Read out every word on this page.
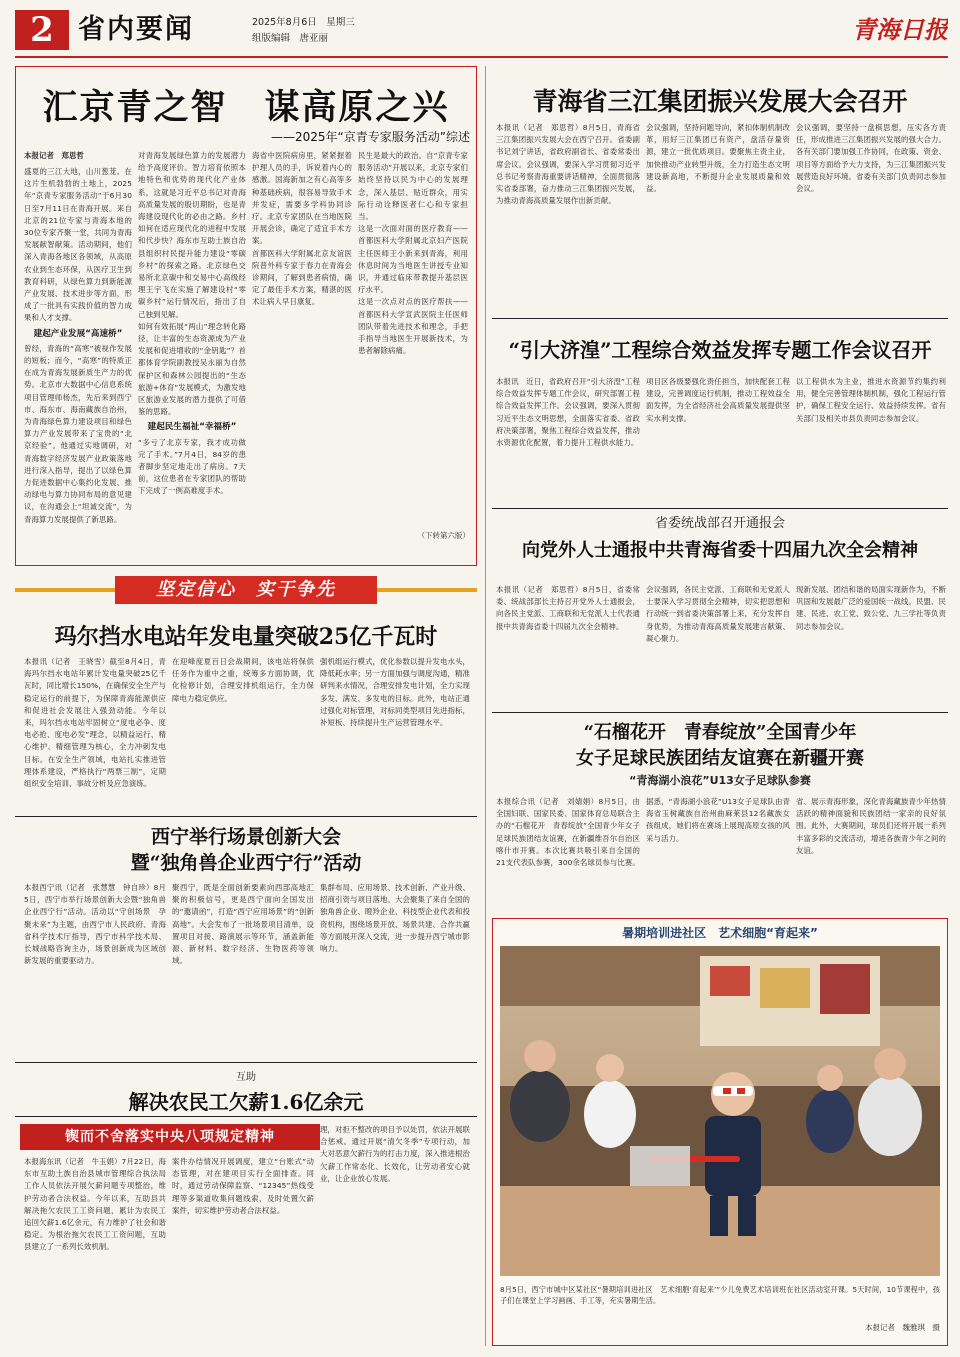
2 省内要闻	2025年8月6日　星期三
组版编辑　唐亚丽	青海日报
汇京青之智　谋高原之兴
——2025年“京青专家服务活动”综述
本报记者　郑思哲
盛夏的三江大地，山川葱茏。在这片生机勃勃的土地上，2025年“京青专家服务活动”于6月30日至7月11日在青海开展。来自北京的21位专家与青海本地的30位专家齐聚一堂，共同为青海发展献智献策。活动期间，他们深入青海各地区各领域，从高原农业到生态环保，从医疗卫生到教育科研，从绿色算力到新能源产业发展、技术进步等方面，形成了一批具有实践价值的智力成果和人才支撑。
建起产业发展“高速桥”
曾经，青海的“高寒”被视作发展的短板；而今，“高寒”的特质正在成为青海发展新质生产力的优势。北京市大数据中心信息系统项目管理师杨杰，先后来到西宁市、海东市、海南藏族自治州，为青海绿色算力建设项目和绿色算力产业发展带来了宝贵的“北京经验”。他通过实地调研，对青海数字经济发展产业政策落地进行深入指导，提出了以绿色算力促进数据中心集约化发展、推动绿电与算力协同布局的意见建议，在沟通会上“坦诚交流”，为青海算力发展提供了新思路。
对青海发展绿色算力的发展潜力给予高度评价。智力培育依照本地特色和优势的现代化产业体系，这就是习近平总书记对青海高质量发展的殷切期盼，也是青海建设现代化的必由之路。乡村如何在适应现代化的进程中发展和代步快？海东市互助土族自治县组织村民提升能力建设“零碳乡村”的探索之路。北京绿色交易所北京碳中和交易中心高级经理王宇飞在实施了解建设村“零碳乡村”运行情况后，指出了自己独到见解。
如何有效拓展“两山”理念转化路径，让丰富的生态资源成为产业发展和促进增收的“金钥匙”？首都体育学院副教授吴永丽为自然保护区和森林公园提出的“生态旅游+体育”发展模式，为激发地区旅游业发展的潜力提供了可借鉴的思路。
建起民生福祉“幸福桥”
“多亏了北京专家，我才成功做完了手术。”7月4日，84岁的患者脚步坚定地走出了病房。7天前，这位患者在专家团队的帮助下完成了一例高难度手术。
海省中医院病房里，紧紧握着护理人员的手，诉说着内心的感激。国海新加之有心高等多种基础疾病，很容易导致手术并发症，需要多学科协同诊疗。北京专家团队在当地医院开展会诊，确定了适宜手术方案。
首都医科大学附属北京友谊医院普外科专家于春力在青海会诊期间，了解到患者病情，确定了最佳手术方案，精湛的医术让病人早日康复。
民生是最大的政治。自“京青专家服务活动”开展以来，北京专家们始终坚持以民为中心的发展理念，深入基层、贴近群众，用实际行动诠释医者仁心和专家担当。
这是一次面对面的医疗教育——首都医科大学附属北京妇产医院主任医师王小新来到青海，利用休息时间为当地医生讲授专业知识，并通过临床带教提升基层医疗水平。
这是一次点对点的医疗帮扶——首都医科大学宣武医院主任医师团队带着先进技术和理念，手把手指导当地医生开展新技术，为患者解除病痛。
（下转第六版）
坚定信心　实干争先
玛尔挡水电站年发电量突破25亿千瓦时
本报讯（记者　王晓雪）截至8月4日，青海玛尔挡水电站年累计发电量突破25亿千瓦时，同比增长150%，在确保安全生产与稳定运行的前提下，为保障青海能源供应和促进社会发展注入强劲动能。今年以来，玛尔挡水电站牢固树立“度电必争、度电必抢、度电必发”理念，以精益运行、精心维护、精细管理为核心，全力冲刺发电目标。在安全生产领域，电站扎实推进管理体系建设，严格执行“两票三制”，定期组织安全培训、事故分析及应急演练。
在迎峰度夏百日会战期间，该电站将保供任务作为重中之重，统筹多方面协调，优化检修计划，合理安排机组运行，全力保障电力稳定供应。
强机组运行模式，优化参数以提升发电水头，降低耗水率；另一方面加强与调度沟通，精准研判来水情况，合理安排发电计划，全力实现多发、满发、多发电的目标。此外，电站正通过强化对标管理，对标同类型项目先进指标，补短板、持续提升生产运营管理水平。
西宁举行场景创新大会
暨“独角兽企业西宁行”活动
本报西宁讯（记者　张慧慧　钟自珍）8月5日，西宁市举行场景创新大会暨“独角兽企业西宁行”活动。活动以“守创场景　孕聚未来”为主题，由西宁市人民政府、青海省科学技术厅指导，西宁市科学技术局、长城战略咨询主办，场景创新成为区域创新发展的重要驱动力。
聚西宁，既是全面创新要素向西部高地汇聚的积极信号，更是西宁面向全国发出的“邀请函”，打造“西宁应用场景”的“创新高地”。大会发布了一批场景项目清单，设置项目对接、路演展示等环节，涵盖新能源、新材料、数字经济、生物医药等领域。
集群布局、应用场景、技术创新、产业升级、招商引资与项目落地。大会聚集了来自全国的独角兽企业、瞪羚企业、科技型企业代表和投资机构，围绕场景开放、场景共建、合作共赢等方面展开深入交流，进一步提升西宁城市影响力。
互助
解决农民工欠薪1.6亿余元
锲而不舍落实中央八项规定精神
本报海东讯（记者　牛玉娟）7月22日，海东市互助土族自治县城市管理综合执法局工作人员依法开展欠薪问题专项整治，维护劳动者合法权益。今年以来，互助县共解决拖欠农民工工资问题，累计为农民工追回欠薪1.6亿余元，有力维护了社会和谐稳定。为根治拖欠农民工工资问题，互助县建立了一系列长效机制。
案件办结情况开展调度，建立“台账式”动态管理，对在建项目实行全面排查。同时，通过劳动保障监察、“12345”热线受理等多渠道收集问题线索，及时处置欠薪案件，切实维护劳动者合法权益。
理，对拒不整改的项目予以处罚，依法开展联合惩戒。通过开展“清欠冬季”专项行动，加大对恶意欠薪行为的打击力度，深入推进根治欠薪工作常态化、长效化，让劳动者安心就业，让企业放心发展。
青海省三江集团振兴发展大会召开
本报讯（记者　郑思哲）8月5日，青海省三江集团振兴发展大会在西宁召开。省委副书记刘宁讲话，省政府副省长、省委常委出席会议。会议强调，要深入学习贯彻习近平总书记考察青海重要讲话精神，全面贯彻落实省委部署，奋力推动三江集团振兴发展，为推动青海高质量发展作出新贡献。
会议强调，坚持问题导向，紧扣体制机制改革，用好三江集团已有资产，盘活存量资源，建立一批优质项目。要聚焦主责主业，加快推动产业转型升级，全力打造生态文明建设新高地，不断提升企业发展质量和效益。
会议强调，要坚持一盘棋思想，压实各方责任，形成推进三江集团振兴发展的强大合力。各有关部门要加强工作协同，在政策、资金、项目等方面给予大力支持，为三江集团振兴发展营造良好环境。省委有关部门负责同志参加会议。
“引大济湟”工程综合效益发挥专题工作会议召开
本报讯　近日，省政府召开“引大济湟”工程综合效益发挥专题工作会议，研究部署工程综合效益发挥工作。会议强调，要深入贯彻习近平生态文明思想，全面落实省委、省政府决策部署，聚焦工程综合效益发挥，推动水资源优化配置，着力提升工程供水能力。
项目区各级要强化责任担当，加快配套工程建设，完善调度运行机制，推动工程效益全面发挥，为全省经济社会高质量发展提供坚实水利支撑。
以工程供水为主业，推进水资源节约集约利用，健全完善管理体制机制，强化工程运行管护，确保工程安全运行、效益持续发挥。省有关部门及相关市县负责同志参加会议。
省委统战部召开通报会
向党外人士通报中共青海省委十四届九次全会精神
本报讯（记者　郑思哲）8月5日，省委常委、统战部部长主持召开党外人士通报会，向各民主党派、工商联和无党派人士代表通报中共青海省委十四届九次全会精神。
会议强调，各民主党派、工商联和无党派人士要深入学习贯彻全会精神，切实把思想和行动统一到省委决策部署上来，充分发挥自身优势，为推动青海高质量发展建言献策、凝心聚力。
现新发展、团结和谐的局面实现新作为，不断巩固和发展最广泛的爱国统一战线。民盟、民建、民进、农工党、致公党、九三学社等负责同志参加会议。
“石榴花开　青春绽放”全国青少年
女子足球民族团结友谊赛在新疆开赛
“青海湖小浪花”U13女子足球队参赛
本报综合讯（记者　刘婧娟）8月5日，由全国妇联、国家民委、国家体育总局联合主办的“石榴花开　青春绽放”全国青少年女子足球民族团结友谊赛，在新疆维吾尔自治区喀什市开赛。本次比赛共吸引来自全国的21支代表队参赛，300余名球员参与比赛。
据悉，“青海湖小浪花”U13女子足球队由青海省玉树藏族自治州曲麻莱县12名藏族女孩组成，她们将在赛场上展现高原女孩的风采与活力。
省、展示青海形象，深化青海藏族青少年热情活跃的精神面貌和民族团结一家亲的良好氛围。此外，大赛期间，球员们还将开展一系列丰富多彩的交流活动，增进各族青少年之间的友谊。
暑期培训进社区　艺术细胞“育起来”
8月5日，西宁市城中区某社区“暑期培训进社区　艺术细胞‘育起来’”少儿免费艺术培训班在社区活动室开课。5天时间，10节课程中，孩子们在课堂上学习画画、手工等，充实暑期生活。
本报记者　魏雅琪　摄
